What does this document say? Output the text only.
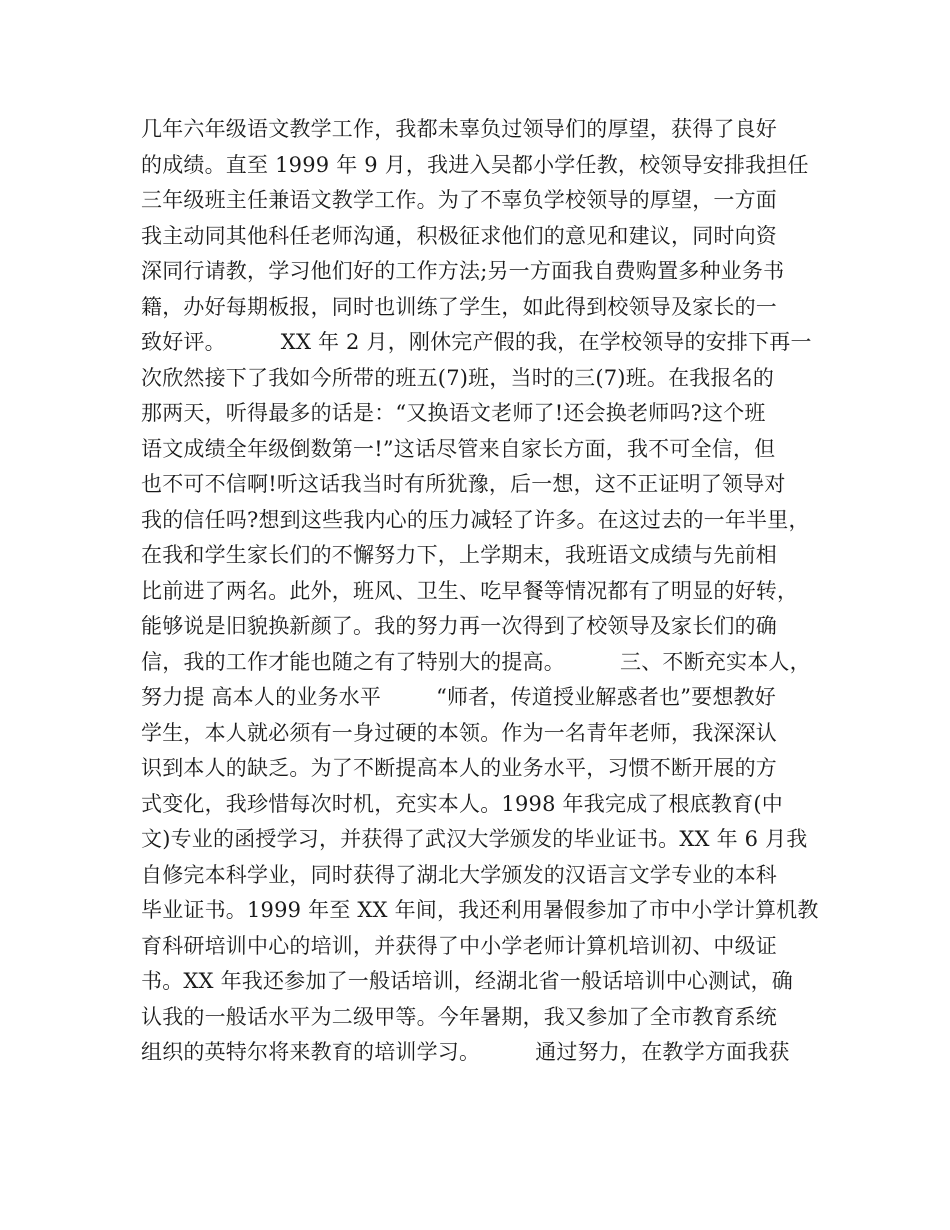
几年六年级语文教学工作，我都未辜负过领导们的厚望，获得了良好
的成绩。直至 1999 年 9 月，我进入吴都小学任教，校领导安排我担任
三年级班主任兼语文教学工作。为了不辜负学校领导的厚望，一方面
我主动同其他科任老师沟通，积极征求他们的意见和建议，同时向资
深同行请教，学习他们好的工作方法;另一方面我自费购置多种业务书
籍，办好每期板报，同时也训练了学生，如此得到校领导及家长的一
致好评。        XX 年 2 月，刚休完产假的我，在学校领导的安排下再一
次欣然接下了我如今所带的班五(7)班，当时的三(7)班。在我报名的
那两天，听得最多的话是：“又换语文老师了!还会换老师吗?这个班
语文成绩全年级倒数第一!”这话尽管来自家长方面，我不可全信，但
也不可不信啊!听这话我当时有所犹豫，后一想，这不正证明了领导对
我的信任吗?想到这些我内心的压力减轻了许多。在这过去的一年半里，
在我和学生家长们的不懈努力下，上学期末，我班语文成绩与先前相
比前进了两名。此外，班风、卫生、吃早餐等情况都有了明显的好转，
能够说是旧貌换新颜了。我的努力再一次得到了校领导及家长们的确
信，我的工作才能也随之有了特别大的提高。        三、不断充实本人，
努力提 高本人的业务水平        “师者，传道授业解惑者也”要想教好
学生，本人就必须有一身过硬的本领。作为一名青年老师，我深深认
识到本人的缺乏。为了不断提高本人的业务水平，习惯不断开展的方
式变化，我珍惜每次时机，充实本人。1998 年我完成了根底教育(中
文)专业的函授学习，并获得了武汉大学颁发的毕业证书。XX 年 6 月我
自修完本科学业，同时获得了湖北大学颁发的汉语言文学专业的本科
毕业证书。1999 年至 XX 年间，我还利用暑假参加了市中小学计算机教
育科研培训中心的培训，并获得了中小学老师计算机培训初、中级证
书。XX 年我还参加了一般话培训，经湖北省一般话培训中心测试，确
认我的一般话水平为二级甲等。今年暑期，我又参加了全市教育系统
组织的英特尔将来教育的培训学习。        通过努力，在教学方面我获
